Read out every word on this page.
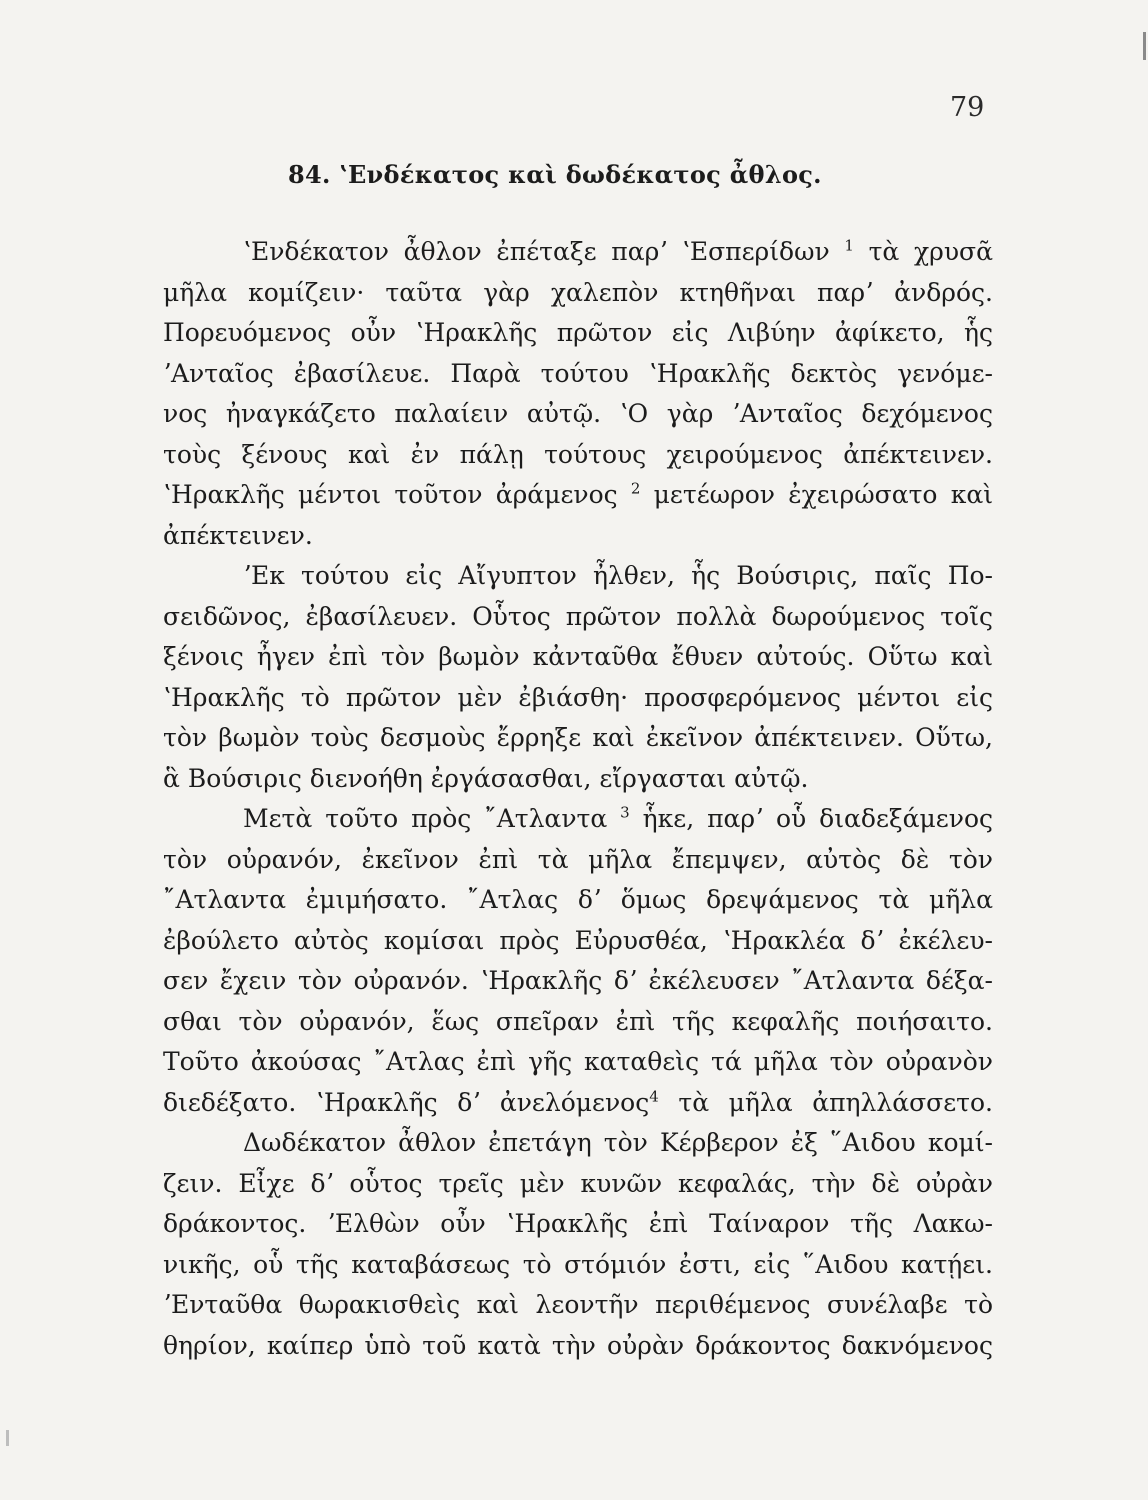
79
84. ʽΕνδέκατος καὶ δωδέκατος ἆθλος.
ʽΕνδέκατον ἆθλον ἐπέταξε παρʼ ʽΕσπερίδων $^1$ τὰ χρυσᾶ
μῆλα κομίζειν· ταῦτα γὰρ χαλεπὸν κτηθῆναι παρʼ ἀνδρός.
Πορευόμενος οὖν ʽΗρακλῆς πρῶτον εἰς Λιβύην ἀφίκετο, ἧς
ʼΑνταῖος ἐβασίλευε. Παρὰ τούτου ʽΗρακλῆς δεκτὸς γενόμε-
νος ἠναγκάζετο παλαίειν αὐτῷ. ʽΟ γὰρ ʼΑνταῖος δεχόμενος
τοὺς ξένους καὶ ἐν πάλῃ τούτους χειρούμενος ἀπέκτεινεν.
ʽΗρακλῆς μέντοι τοῦτον ἀράμενος $^2$ μετέωρον ἐχειρώσατο καὶ
ἀπέκτεινεν.
ʼΕκ τούτου εἰς Αἴγυπτον ἦλθεν, ἧς Βούσιρις, παῖς Πο-
σειδῶνος, ἐβασίλευεν. Οὗτος πρῶτον πολλὰ δωρούμενος τοῖς
ξένοις ἦγεν ἐπὶ τὸν βωμὸν κἀνταῦθα ἔθυεν αὐτούς. Οὕτω καὶ
ʽΗρακλῆς τὸ πρῶτον μὲν ἐβιάσθη· προσφερόμενος μέντοι εἰς
τὸν βωμὸν τοὺς δεσμοὺς ἔρρηξε καὶ ἐκεῖνον ἀπέκτεινεν. Οὕτω,
ἃ Βούσιρις διενοήθη ἐργάσασθαι, εἴργασται αὐτῷ.
Μετὰ τοῦτο πρὸς ῎Ατλαντα $^3$ ἧκε, παρʼ οὗ διαδεξάμενος
τὸν οὐρανόν, ἐκεῖνον ἐπὶ τὰ μῆλα ἔπεμψεν, αὐτὸς δὲ τὸν
῎Ατλαντα ἐμιμήσατο. ῎Ατλας δʼ ὅμως δρεψάμενος τὰ μῆλα
ἐβούλετο αὐτὸς κομίσαι πρὸς Εὐρυσθέα, ʽΗρακλέα δʼ ἐκέλευ-
σεν ἔχειν τὸν οὐρανόν. ʽΗρακλῆς δʼ ἐκέλευσεν ῎Ατλαντα δέξα-
σθαι τὸν οὐρανόν, ἕως σπεῖραν ἐπὶ τῆς κεφαλῆς ποιήσαιτο.
Τοῦτο ἀκούσας ῎Ατλας ἐπὶ γῆς καταθεὶς τά μῆλα τὸν οὐρανὸν
διεδέξατο. ʽΗρακλῆς δʼ ἀνελόμενος$^4$ τὰ μῆλα ἀπηλλάσσετο.
Δωδέκατον ἆθλον ἐπετάγη τὸν Κέρβερον ἐξ ῞Αιδου κομί-
ζειν. Εἶχε δʼ οὗτος τρεῖς μὲν κυνῶν κεφαλάς, τὴν δὲ οὐρὰν
δράκοντος. ʼΕλθὼν οὖν ʽΗρακλῆς ἐπὶ Ταίναρον τῆς Λακω-
νικῆς, οὗ τῆς καταβάσεως τὸ στόμιόν ἐστι, εἰς ῞Αιδου κατῄει.
ʼΕνταῦθα θωρακισθεὶς καὶ λεοντῆν περιθέμενος συνέλαβε τὸ
θηρίον, καίπερ ὑπὸ τοῦ κατὰ τὴν οὐρὰν δράκοντος δακνόμενος
